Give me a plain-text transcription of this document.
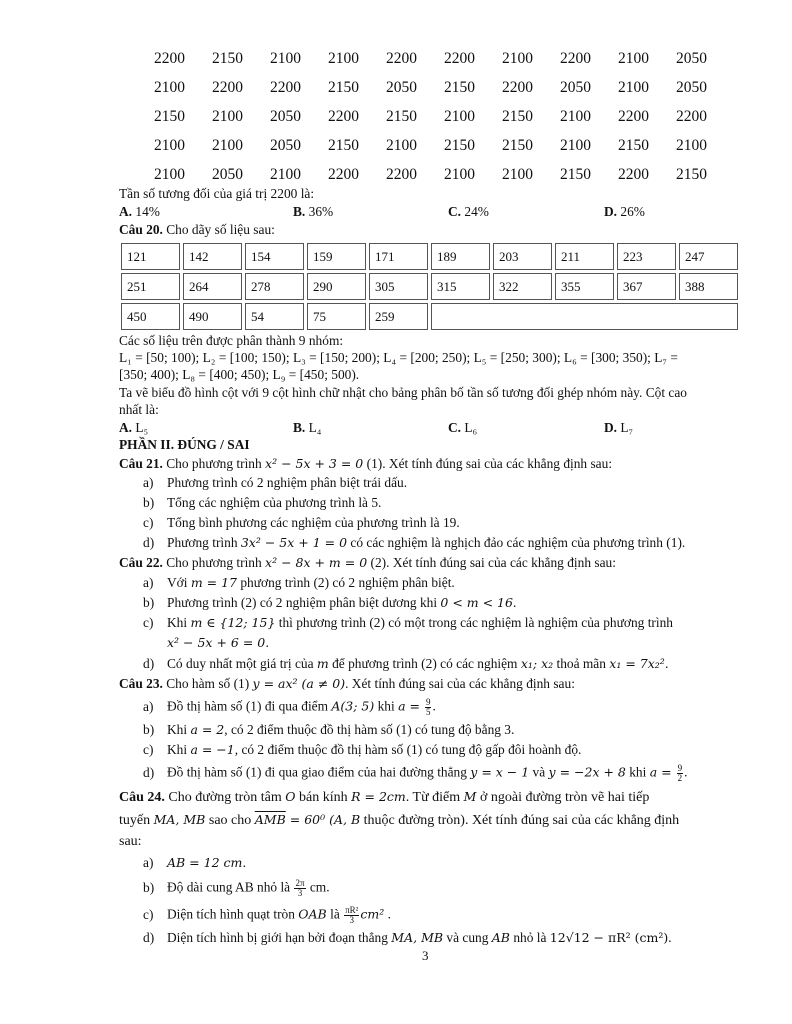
2200	2150	2100	2100	2200	2200	2100	2200	2100	2050
2100	2200	2200	2150	2050	2150	2200	2050	2100	2050
2150	2100	2050	2200	2150	2100	2150	2100	2200	2200
2100	2100	2050	2150	2100	2150	2150	2100	2150	2100
2100	2050	2100	2200	2200	2100	2100	2150	2200	2150
Tần số tương đối của giá trị 2200 là:
A. 14%	B. 36%	C. 24%	D. 26%
Câu 20. Cho dãy số liệu sau:
121	142	154	159	171	189	203	211	223	247
251	264	278	290	305	315	322	355	367	388
450	490	54	75	259					
Các số liệu trên được phân thành 9 nhóm:
L₁ = [50; 100); L₂ = [100; 150); L₃ = [150; 200); L₄ = [200; 250); L₅ = [250; 300); L₆ = [300; 350); L₇ =
[350; 400); L₈ = [400; 450); L₉ = [450; 500).
Ta vẽ biểu đồ hình cột với 9 cột hình chữ nhật cho bảng phân bố tần số tương đối ghép nhóm này. Cột cao
nhất là:
A. L₅	B. L₄	C. L₆	D. L₇
PHẦN II. ĐÚNG / SAI
Câu 21. Cho phương trình x² − 5x + 3 = 0 (1). Xét tính đúng sai của các khẳng định sau:
a) Phương trình có 2 nghiệm phân biệt trái dấu.
b) Tổng các nghiệm của phương trình là 5.
c) Tổng bình phương các nghiệm của phương trình là 19.
d) Phương trình 3x² − 5x + 1 = 0 có các nghiệm là nghịch đảo các nghiệm của phương trình (1).
Câu 22. Cho phương trình x² − 8x + m = 0 (2). Xét tính đúng sai của các khẳng định sau:
a) Với m = 17 phương trình (2) có 2 nghiệm phân biệt.
b) Phương trình (2) có 2 nghiệm phân biệt dương khi 0 < m < 16.
c) Khi m ∈ {12; 15} thì phương trình (2) có một trong các nghiệm là nghiệm của phương trình
x² − 5x + 6 = 0.
d) Có duy nhất một giá trị của m để phương trình (2) có các nghiệm x₁; x₂ thoả mãn x₁ = 7x₂².
Câu 23. Cho hàm số (1) y = ax² (a ≠ 0). Xét tính đúng sai của các khẳng định sau:
a) Đồ thị hàm số (1) đi qua điểm A(3; 5) khi $a = \frac{9}{5}$ .
b) Khi a = 2, có 2 điểm thuộc đồ thị hàm số (1) có tung độ bằng 3.
c) Khi a = −1, có 2 điểm thuộc đồ thị hàm số (1) có tung độ gấp đôi hoành độ.
d) Đồ thị hàm số (1) đi qua giao điểm của hai đường thẳng y = x − 1 và y = −2x + 8 khi $a = \frac{9}{2}$ .
Câu 24. Cho đường tròn tâm O bán kính R = 2cm. Từ điểm M ở ngoài đường tròn vẽ hai tiếp
tuyến MA, MB sao cho $\overline{AMB} = 60^0$ (A, B thuộc đường tròn). Xét tính đúng sai của các khẳng định
sau:
a) AB = 12 cm.
b) Độ dài cung AB nhỏ là $\frac{2\pi}{3}$ cm.
c) Diện tích hình quạt tròn OAB là $\frac{\text{πR²}}{3} cm^2$ .
d) Diện tích hình bị giới hạn bởi đoạn thẳng MA, MB và cung AB nhỏ là 12√12 − πR² (cm²).
3
